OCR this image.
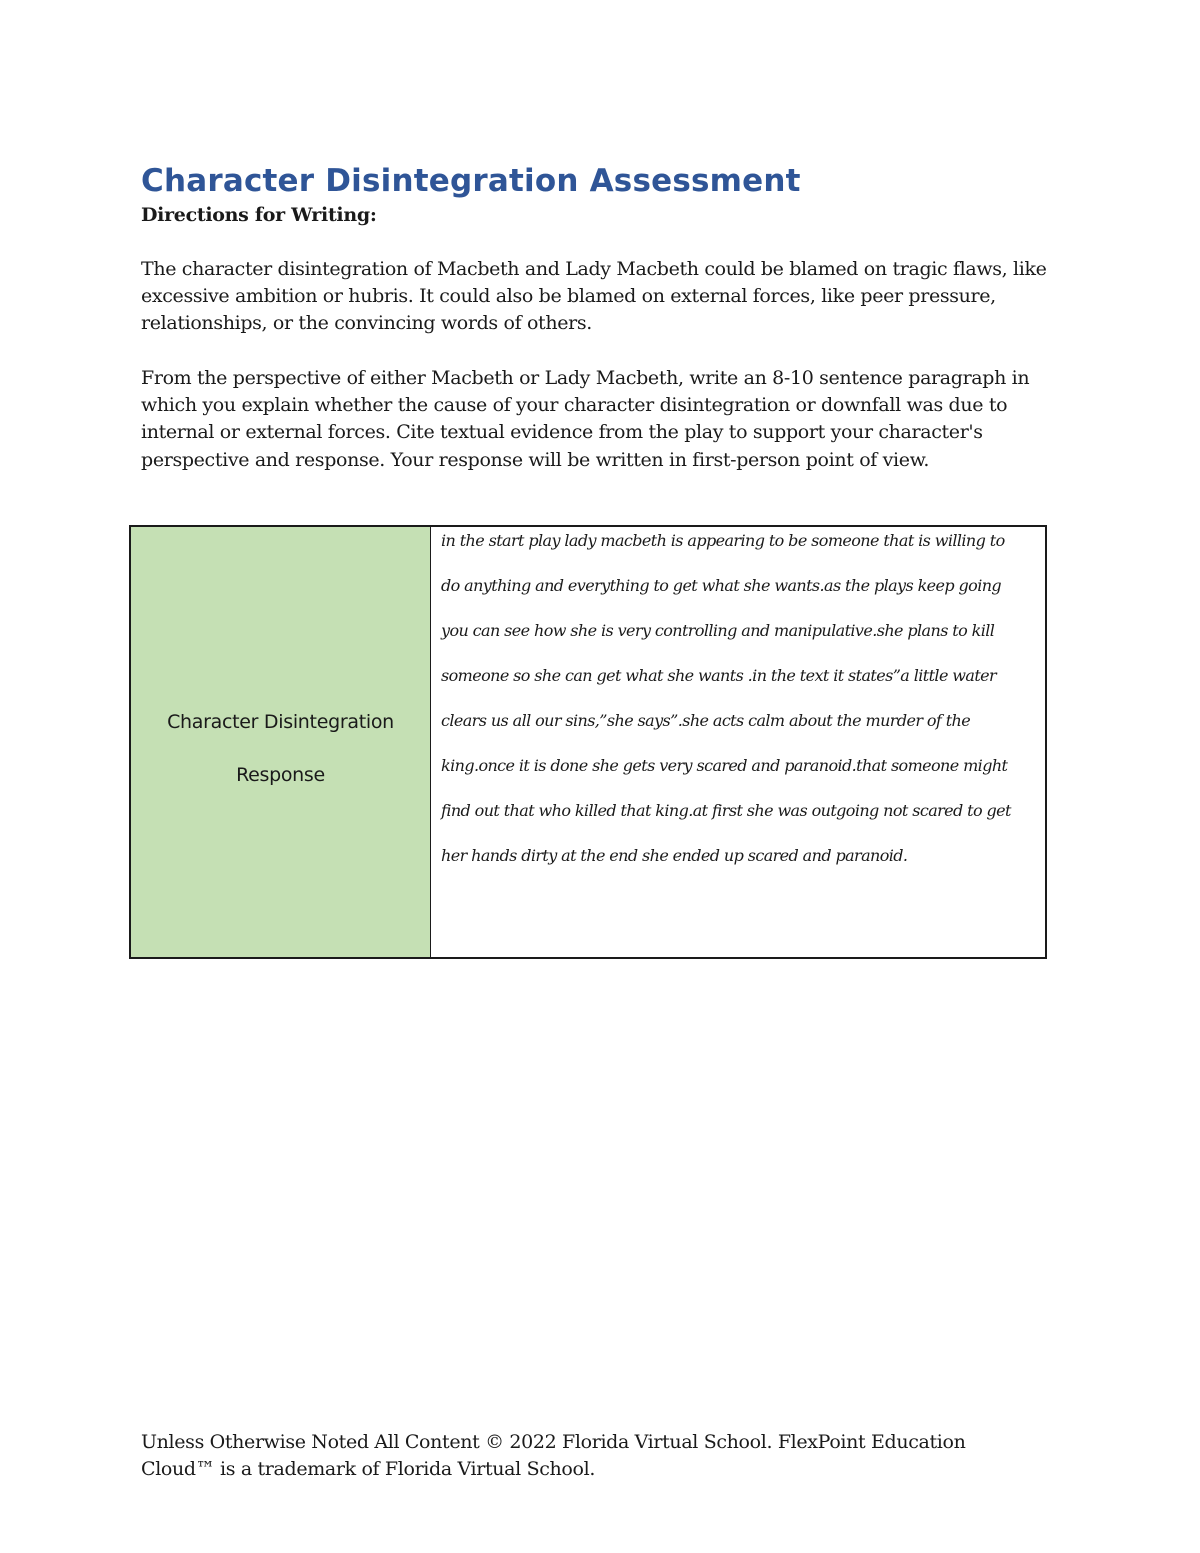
Character Disintegration Assessment

Directions for Writing:

The character disintegration of Macbeth and Lady Macbeth could be blamed on tragic flaws, like
excessive ambition or hubris. It could also be blamed on external forces, like peer pressure,
relationships, or the convincing words of others.

From the perspective of either Macbeth or Lady Macbeth, write an 8-10 sentence paragraph in
which you explain whether the cause of your character disintegration or downfall was due to
internal or external forces. Cite textual evidence from the play to support your character's
perspective and response. Your response will be written in first-person point of view.

Character Disintegration
Response

in the start play lady macbeth is appearing to be someone that is willing to
do anything and everything to get what she wants.as the plays keep going
you can see how she is very controlling and manipulative.she plans to kill
someone so she can get what she wants .in the text it states”a little water
clears us all our sins,”she says”.she acts calm about the murder of the
king.once it is done she gets very scared and paranoid.that someone might
find out that who killed that king.at first she was outgoing not scared to get
her hands dirty at the end she ended up scared and paranoid.

Unless Otherwise Noted All Content © 2022 Florida Virtual School. FlexPoint Education
Cloud™ is a trademark of Florida Virtual School.
